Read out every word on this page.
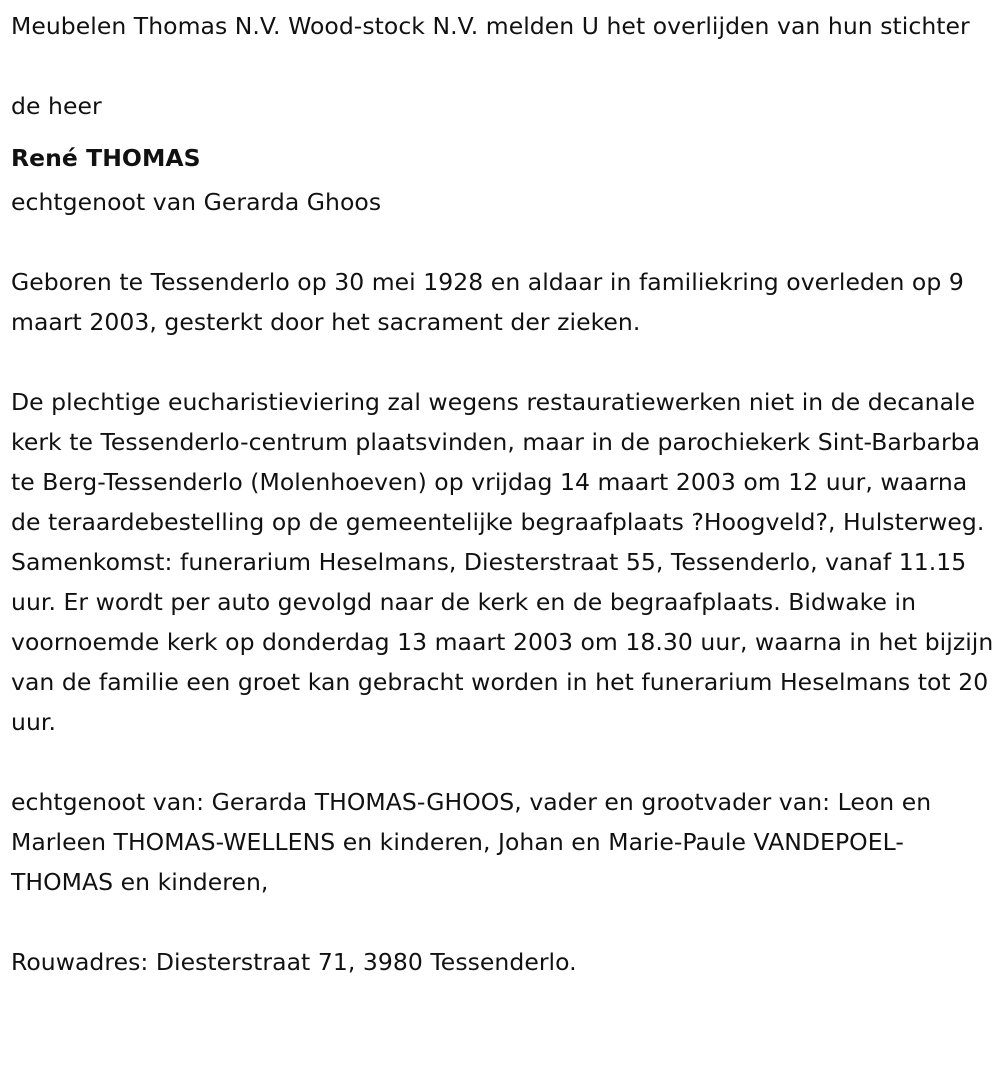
Meubelen Thomas N.V. Wood-stock N.V. melden U het overlijden van hun stichter

de heer

René THOMAS

echtgenoot van Gerarda Ghoos

Geboren te Tessenderlo op 30 mei 1928 en aldaar in familiekring overleden op 9 maart 2003, gesterkt door het sacrament der zieken.

De plechtige eucharistieviering zal wegens restauratiewerken niet in de decanale kerk te Tessenderlo-centrum plaatsvinden, maar in de parochiekerk Sint-Barbarba te Berg-Tessenderlo (Molenhoeven) op vrijdag 14 maart 2003 om 12 uur, waarna de teraardebestelling op de gemeentelijke begraafplaats ?Hoogveld?, Hulsterweg. Samenkomst: funerarium Heselmans, Diesterstraat 55, Tessenderlo, vanaf 11.15 uur. Er wordt per auto gevolgd naar de kerk en de begraafplaats. Bidwake in voornoemde kerk op donderdag 13 maart 2003 om 18.30 uur, waarna in het bijzijn van de familie een groet kan gebracht worden in het funerarium Heselmans tot 20 uur.

echtgenoot van: Gerarda THOMAS-GHOOS, vader en grootvader van: Leon en Marleen THOMAS-WELLENS en kinderen, Johan en Marie-Paule VANDEPOEL-THOMAS en kinderen,

Rouwadres: Diesterstraat 71, 3980 Tessenderlo.
